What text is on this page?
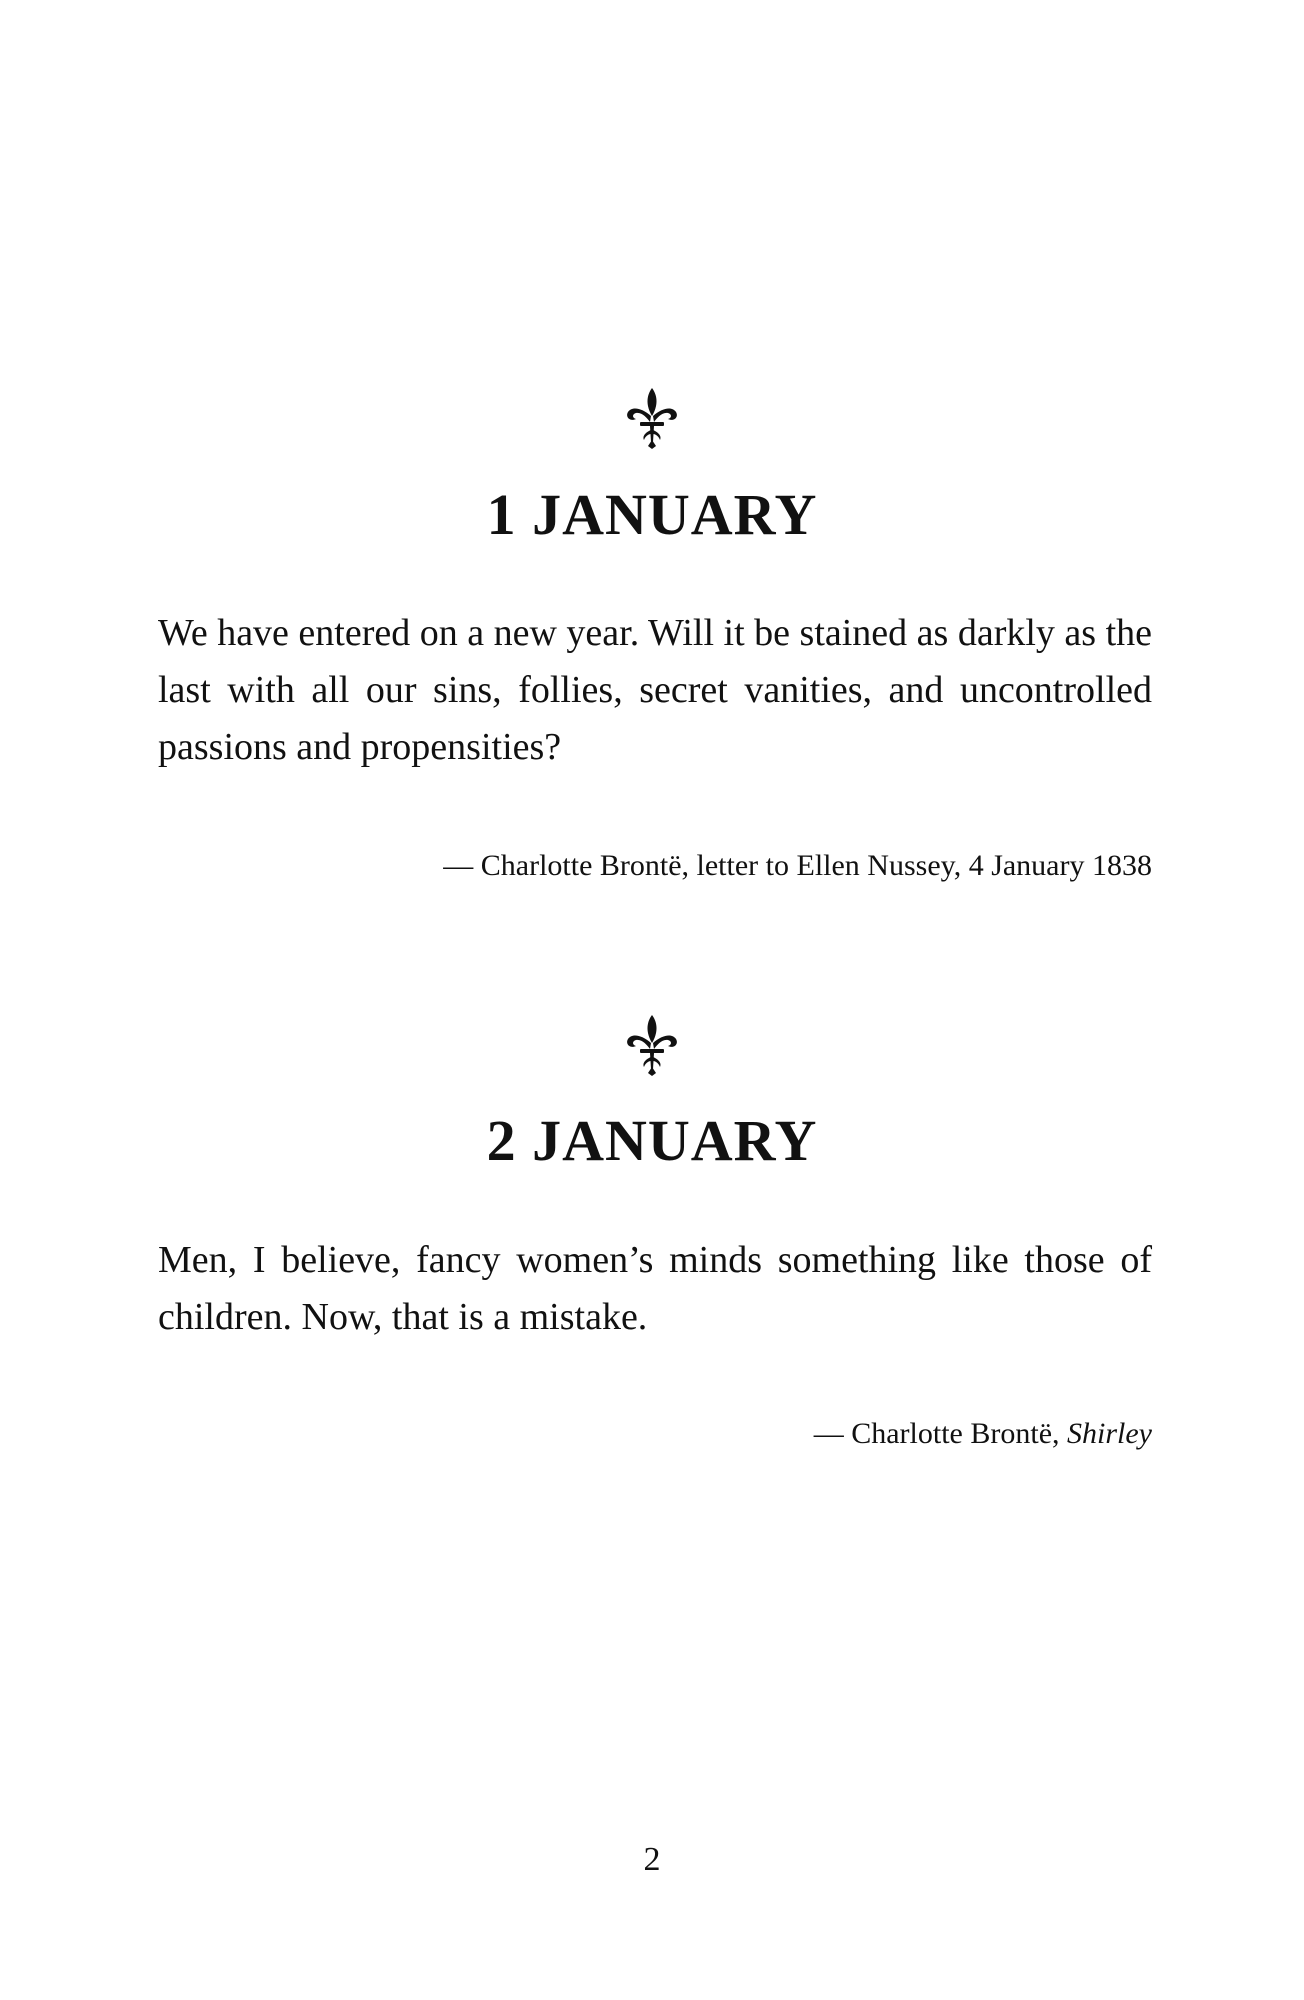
1 JANUARY

We have entered on a new year. Will it be stained as darkly as the last with all our sins, follies, secret vanities, and uncontrolled passions and propensities?

— Charlotte Brontë, letter to Ellen Nussey, 4 January 1838
2 JANUARY

Men, I believe, fancy women’s minds something like those of children. Now, that is a mistake.

— Charlotte Brontë, Shirley
2
